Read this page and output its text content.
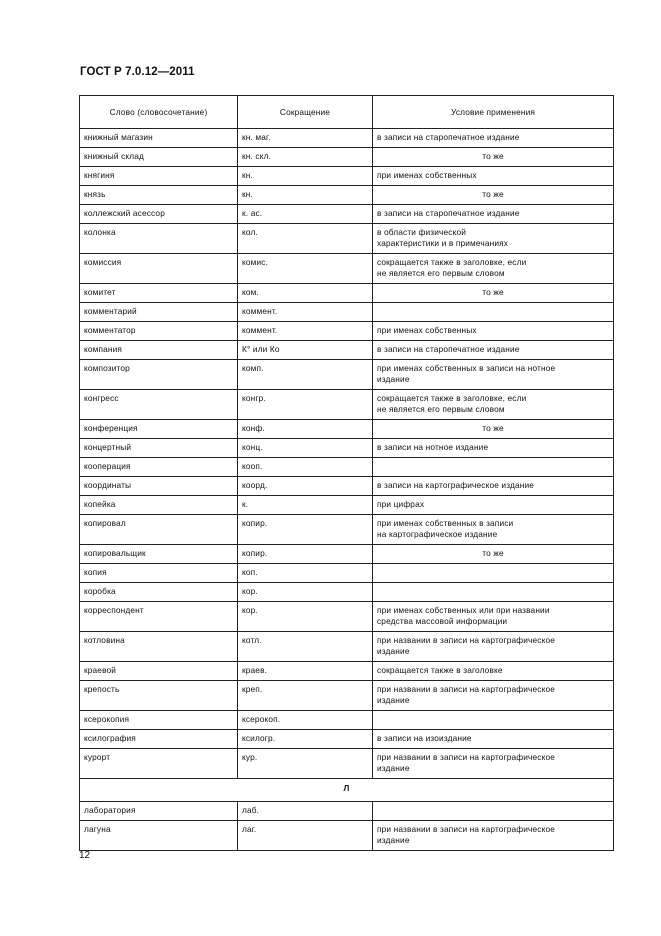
ГОСТ Р 7.0.12—2011
Слово (словосочетание)	Сокращение	Условие применения
книжный магазин	кн. маг.	в записи на старопечатное издание

книжный склад	кн. скл.	то же

княгиня	кн.	при именах собственных

князь	кн.	то же

коллежский асессор	к. ас.	в записи на старопечатное издание

колонка	кол.	в области физической
характеристики и в примечаниях

комиссия	комис.	сокращается также в заголовке, если
не является его первым словом

комитет	ком.	то же

комментарий	коммент.	
комментатор	коммент.	при именах собственных

компания	К° или Ко	в записи на старопечатное издание

композитор	комп.	при именах собственных в записи на нотное
издание

конгресс	конгр.	сокращается также в заголовке, если
не является его первым словом

конференция	конф.	то же

концертный	конц.	в записи на нотное издание

кооперация	кооп.	
координаты	коорд.	в записи на картографическое издание

копейка	к.	при цифрах

копировал	копир.	при именах собственных в записи
на картографическое издание

копировальщик	копир.	то же

копия	коп.	
коробка	кор.	
корреспондент	кор.	при именах собственных или при названии
средства массовой информации

котловина	котл.	при названии в записи на картографическое
издание

краевой	краев.	сокращается также в заголовке

крепость	креп.	при названии в записи на картографическое
издание

ксерокопия	ксерокоп.	
ксилография	ксилогр.	в записи на изоиздание

курорт	кур.	при названии в записи на картографическое
издание

Л		
лаборатория	лаб.	
лагуна	лаг.	при названии в записи на картографическое
издание
12
